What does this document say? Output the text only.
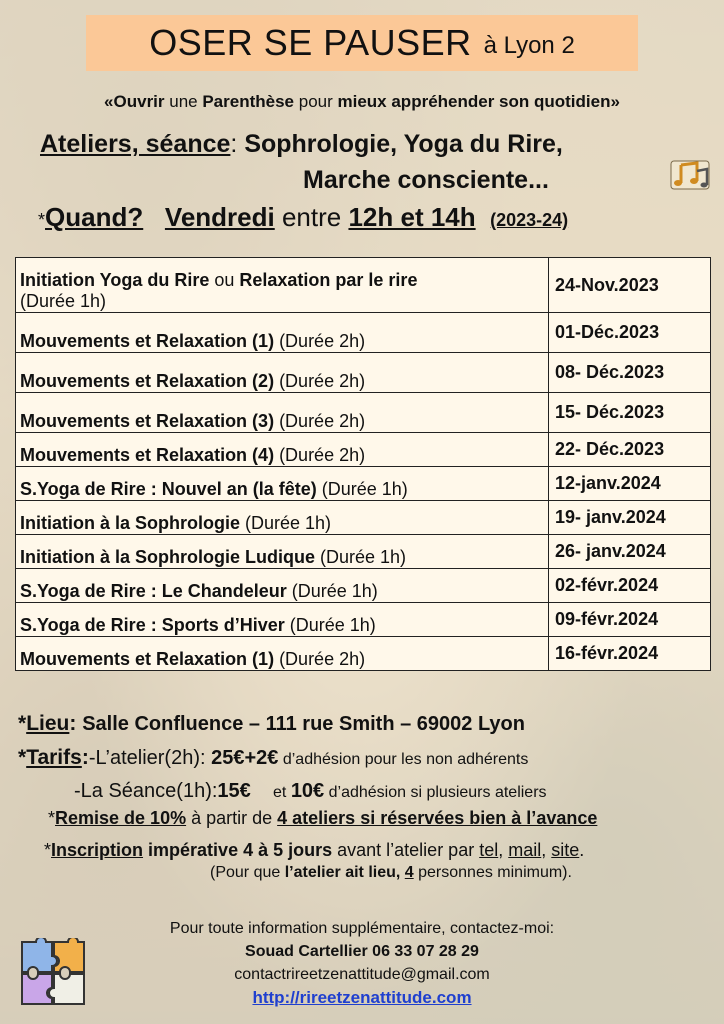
OSER SE PAUSER à Lyon 2
«Ouvrir une Parenthèse pour mieux appréhender son quotidien»
Ateliers, séance: Sophrologie, Yoga du Rire,
Marche consciente...
*Quand? Vendredi entre 12h et 14h (2023-24)
Initiation Yoga du Rire ou Relaxation par le rire
(Durée 1h)	24-Nov.2023
Mouvements et Relaxation (1) (Durée 2h)	01-Déc.2023
Mouvements et Relaxation (2) (Durée 2h)	08- Déc.2023
Mouvements et Relaxation (3) (Durée 2h)	15- Déc.2023
Mouvements et Relaxation (4) (Durée 2h)	22- Déc.2023
S.Yoga de Rire : Nouvel an (la fête) (Durée 1h)	12-janv.2024
Initiation à la Sophrologie (Durée 1h)	19- janv.2024
Initiation à la Sophrologie Ludique (Durée 1h)	26- janv.2024
S.Yoga de Rire : Le Chandeleur (Durée 1h)	02-févr.2024
S.Yoga de Rire : Sports d’Hiver (Durée 1h)	09-févr.2024
Mouvements et Relaxation (1) (Durée 2h)	16-févr.2024
*Lieu: Salle Confluence – 111 rue Smith – 69002 Lyon
*Tarifs:-L’atelier(2h): 25€+2€ d’adhésion pour les non adhérents
-La Séance(1h):15€     et 10€ d’adhésion si plusieurs ateliers
*Remise de 10% à partir de 4 ateliers si réservées bien à l’avance
*Inscription impérative 4 à 5 jours avant l’atelier par tel, mail, site.
(Pour que l’atelier ait lieu, 4 personnes minimum).
Pour toute information supplémentaire, contactez-moi:
Souad Cartellier 06 33 07 28 29
contactrireetzenattitude@gmail.com
http://rireetzenattitude.com
